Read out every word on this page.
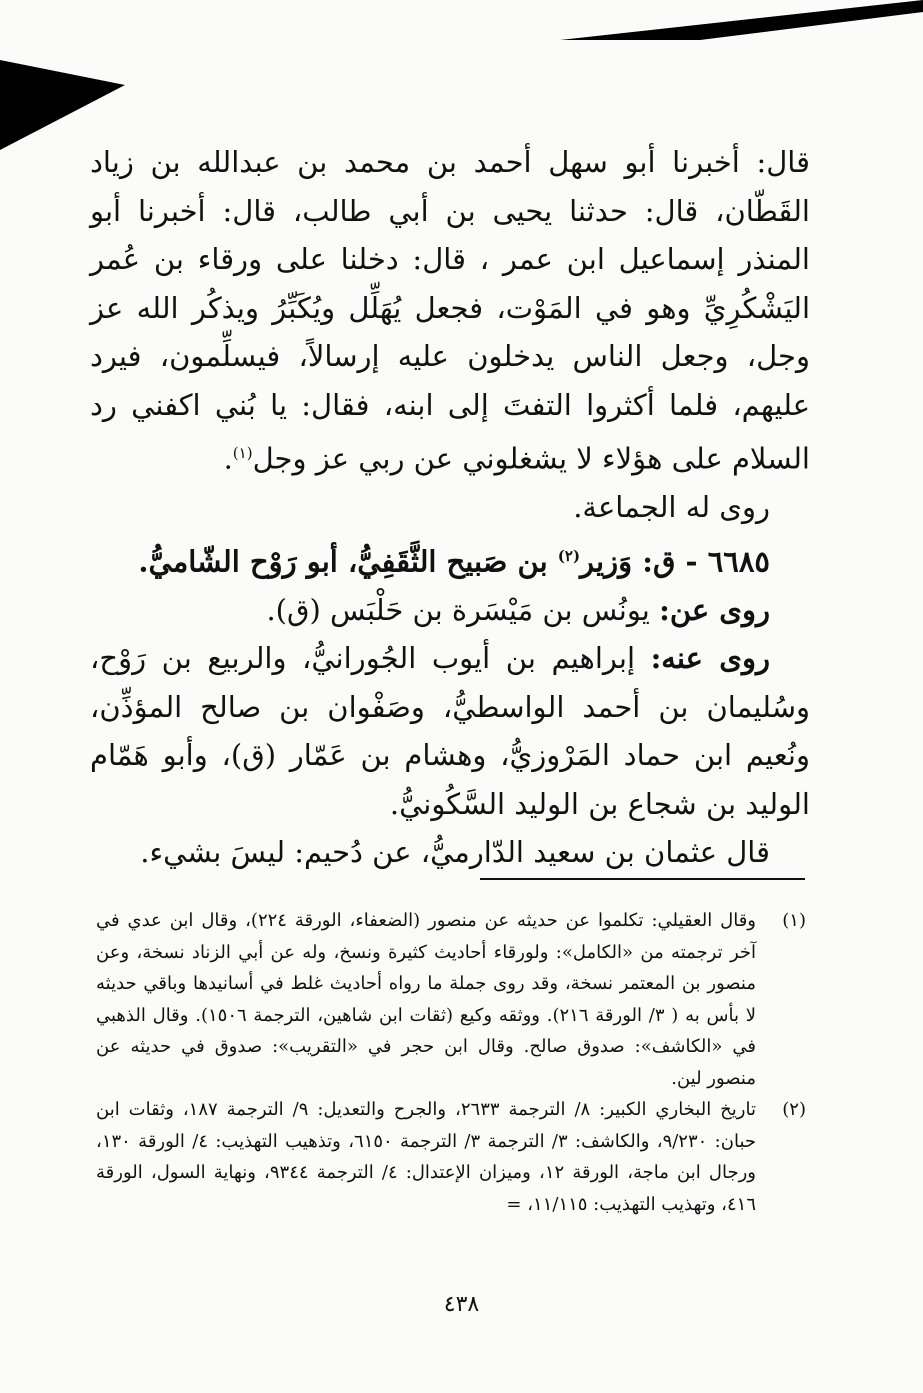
قال: أخبرنا أبو سهل أحمد بن محمد بن عبدالله بن زياد القَطّان، قال: حدثنا يحيى بن أبي طالب، قال: أخبرنا أبو المنذر إسماعيل ابن عمر ، قال: دخلنا على ورقاء بن عُمر اليَشْكُرِيِّ وهو في المَوْت، فجعل يُهَلِّل ويُكَبِّرُ ويذكُر الله عز وجل، وجعل الناس يدخلون عليه إرسالاً، فيسلِّمون، فيرد عليهم، فلما أكثروا التفتَ إلى ابنه، فقال: يا بُني اكفني رد السلام على هؤلاء لا يشغلوني عن ربي عز وجل$^{(١)}$.

روى له الجماعة.

٦٦٨٥ - ق: وَزير$^{(٢)}$ بن صَبيح الثَّقَفِيُّ، أبو رَوْح الشّاميُّ.

روى عن: يونُس بن مَيْسَرة بن حَلْبَس (ق).

روى عنه: إبراهيم بن أيوب الجُورانيُّ، والربيع بن رَوْح، وسُليمان بن أحمد الواسطيُّ، وصَفْوان بن صالح المؤذِّن، ونُعيم ابن حماد المَرْوزيُّ، وهشام بن عَمّار (ق)، وأبو هَمّام الوليد بن شجاع بن الوليد السَّكُونيُّ.

قال عثمان بن سعيد الدّارميُّ، عن دُحيم: ليسَ بشيء.

(١)
وقال العقيلي: تكلموا عن حديثه عن منصور (الضعفاء، الورقة ٢٢٤)، وقال ابن عدي في آخر ترجمته من «الكامل»: ولورقاء أحاديث كثيرة ونسخ، وله عن أبي الزناد نسخة، وعن منصور بن المعتمر نسخة، وقد روى جملة ما رواه أحاديث غلط في أسانيدها وباقي حديثه لا بأس به ( ٣/ الورقة ٢١٦). ووثقه وكيع (ثقات ابن شاهين، الترجمة ١٥٠٦). وقال الذهبي في «الكاشف»: صدوق صالح. وقال ابن حجر في «التقريب»: صدوق في حديثه عن منصور لين.
(٢)
تاريخ البخاري الكبير: ٨/ الترجمة ٢٦٣٣، والجرح والتعديل: ٩/ الترجمة ١٨٧، وثقات ابن حبان: ٩/٢٣٠، والكاشف: ٣/ الترجمة ٣/ الترجمة ٦١٥٠، وتذهيب التهذيب: ٤/ الورقة ١٣٠، ورجال ابن ماجة، الورقة ١٢، وميزان الإعتدال: ٤/ الترجمة ٩٣٤٤، ونهاية السول، الورقة ٤١٦، وتهذيب التهذيب: ١١/١١٥، =
٤٣٨
